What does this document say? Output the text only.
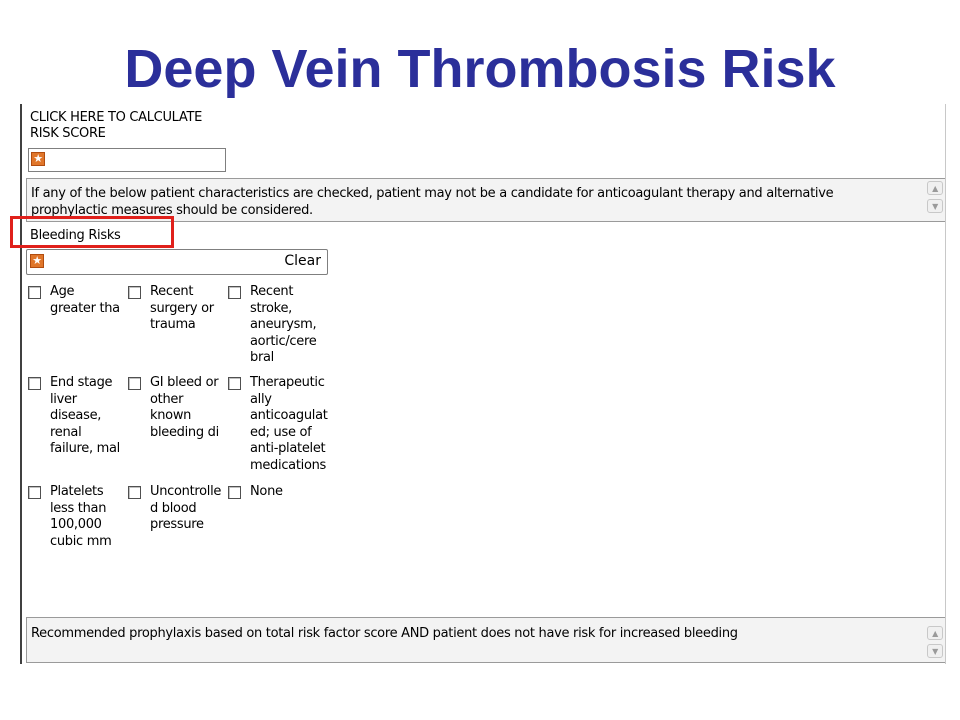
Deep Vein Thrombosis Risk
CLICK HERE TO CALCULATE RISK SCORE
★
If any of the below patient characteristics are checked, patient may not be a candidate for anticoagulant therapy and alternative prophylactic measures should be considered.
▲
▼
Bleeding Risks
★	Clear
Age
greater tha
Recent
surgery or
trauma
Recent
stroke,
aneurysm,
aortic/cere
bral
End stage
liver
disease,
renal
failure, mal
GI bleed or
other
known
bleeding di
Therapeutic
ally
anticoagulat
ed; use of
anti-platelet
medications
Platelets
less than
100,000
cubic mm
Uncontrolle
d blood
pressure
None
Recommended prophylaxis based on total risk factor score AND patient does not have risk for increased bleeding	▲
▼
